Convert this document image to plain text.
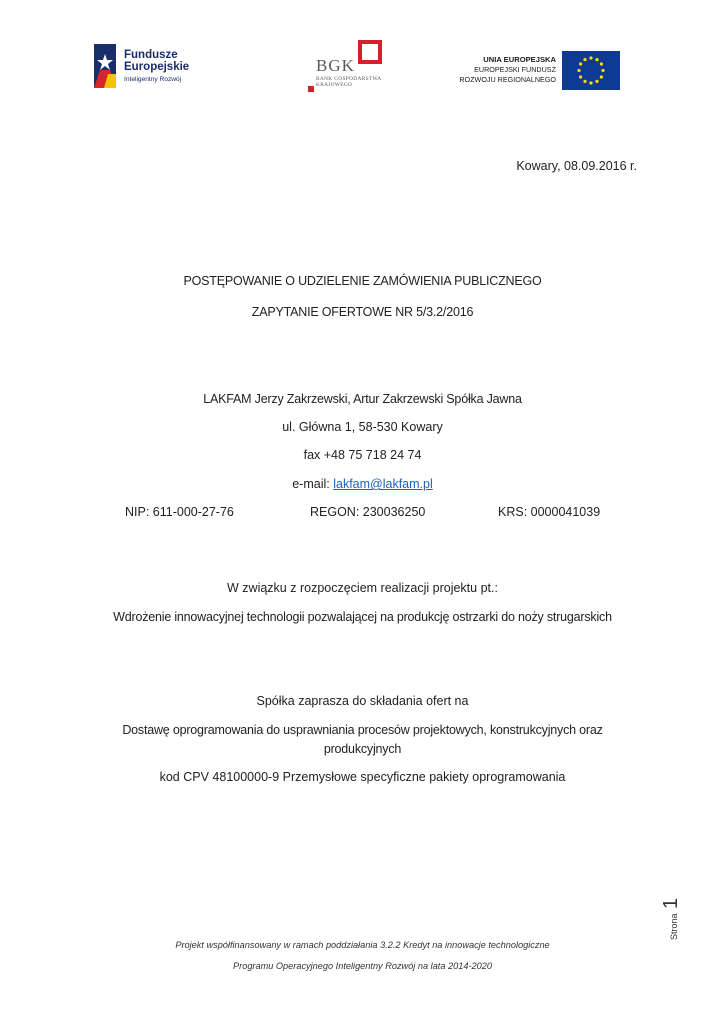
Fundusze
Europejskie
Inteligentny Rozwój
BGK
BANK GOSPODARSTWA
KRAJOWEGO
UNIA EUROPEJSKA
EUROPEJSKI FUNDUSZ
ROZWOJU REGIONALNEGO
Kowary, 08.09.2016 r.
POSTĘPOWANIE O UDZIELENIE ZAMÓWIENIA PUBLICZNEGO
ZAPYTANIE OFERTOWE NR 5/3.2/2016
LAKFAM Jerzy Zakrzewski, Artur Zakrzewski Spółka Jawna
ul. Główna 1, 58-530 Kowary
fax +48 75 718 24 74
e-mail: lakfam@lakfam.pl
NIP: 611-000-27-76	REGON: 230036250	KRS: 0000041039
W związku z rozpoczęciem realizacji projektu pt.:
Wdrożenie innowacyjnej technologii pozwalającej na produkcję ostrzarki do noży strugarskich
Spółka zaprasza do składania ofert na
Dostawę oprogramowania do usprawniania procesów projektowych, konstrukcyjnych oraz
produkcyjnych
kod CPV 48100000-9 Przemysłowe specyficzne pakiety oprogramowania
Strona 1
Projekt współfinansowany w ramach poddziałania 3.2.2 Kredyt na innowacje technologiczne
Programu Operacyjnego Inteligentny Rozwój na lata 2014-2020
